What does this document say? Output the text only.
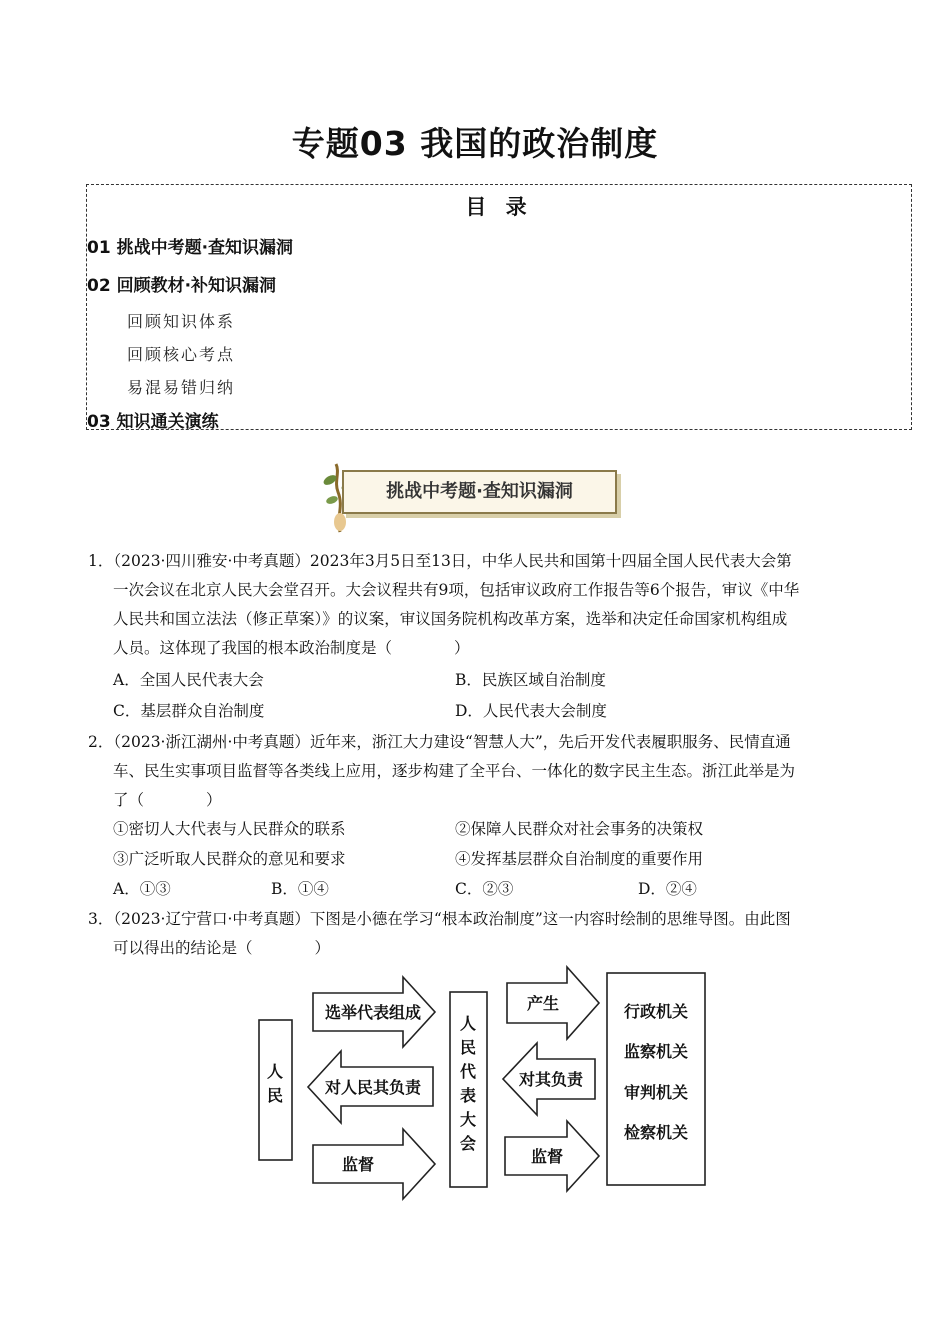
专题03 我国的政治制度
目 录
01 挑战中考题·查知识漏洞
02 回顾教材·补知识漏洞
回顾知识体系
回顾核心考点
易混易错归纳
03 知识通关演练
挑战中考题·查知识漏洞
1．（2023·四川雅安·中考真题）2023年3月5日至13日，中华人民共和国第十四届全国人民代表大会第
一次会议在北京人民大会堂召开。大会议程共有9项，包括审议政府工作报告等6个报告，审议《中华
人民共和国立法法（修正草案）》的议案，审议国务院机构改革方案，选举和决定任命国家机构组成
人员。这体现了我国的根本政治制度是（　　　　）
A．全国人民代表大会	B．民族区域自治制度
C．基层群众自治制度	D．人民代表大会制度
2．（2023·浙江湖州·中考真题）近年来，浙江大力建设“智慧人大”，先后开发代表履职服务、民情直通
车、民生实事项目监督等各类线上应用，逐步构建了全平台、一体化的数字民主生态。浙江此举是为
了（　　　　）
①密切人大代表与人民群众的联系	②保障人民群众对社会事务的决策权
③广泛听取人民群众的意见和要求	④发挥基层群众自治制度的重要作用
A．①③	B．①④	C．②③	D．②④
3．（2023·辽宁营口·中考真题）下图是小德在学习“根本政治制度”这一内容时绘制的思维导图。由此图
可以得出的结论是（　　　　）
人
民
人
民
代
表
大
会
选举代表组成
对人民其负责
监督
产生
对其负责
监督
行政机关
监察机关
审判机关
检察机关
